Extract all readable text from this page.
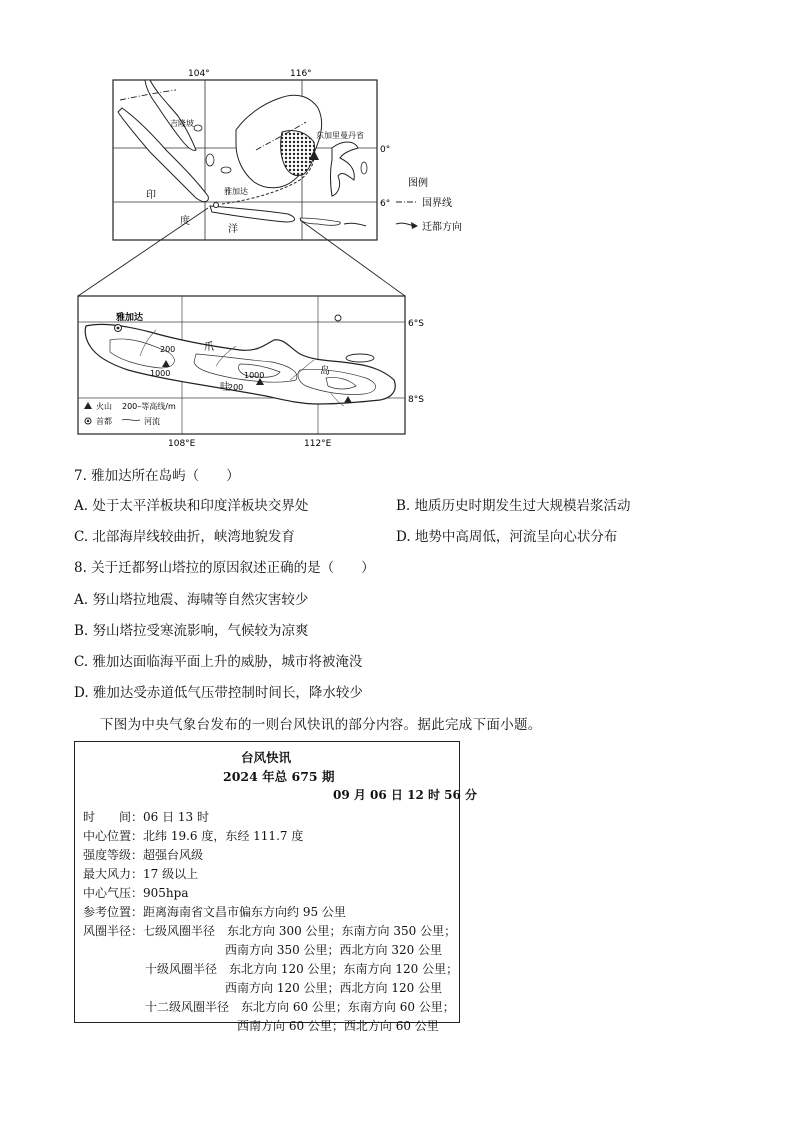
104°	116°
0°
6°
吉隆坡
东加里曼丹省
雅加达
印
度
洋
图例
国界线
迁都方向
雅加达
200
1000
200
1000
爪
哇
岛
6°S
8°S
108°E	112°E
火山 200–等高线/m
首都	河流
7. 雅加达所在岛屿（　　）
A. 处于太平洋板块和印度洋板块交界处	B. 地质历史时期发生过大规模岩浆活动
C. 北部海岸线较曲折，峡湾地貌发育	D. 地势中高周低，河流呈向心状分布
8. 关于迁都努山塔拉的原因叙述正确的是（　　）
A. 努山塔拉地震、海啸等自然灾害较少
B. 努山塔拉受寒流影响，气候较为凉爽
C. 雅加达面临海平面上升的威胁，城市将被淹没
D. 雅加达受赤道低气压带控制时间长，降水较少
下图为中央气象台发布的一则台风快讯的部分内容。据此完成下面小题。
台风快讯
2024 年总 675 期
09 月 06 日 12 时 56 分
时　　间：06 日 13 时
中心位置：北纬 19.6 度，东经 111.7 度
强度等级：超强台风级
最大风力：17 级以上
中心气压：905hpa
参考位置：距离海南省文昌市偏东方向约 95 公里
风圈半径：七级风圈半径　东北方向 300 公里；东南方向 350 公里；
西南方向 350 公里；西北方向 320 公里
十级风圈半径　东北方向 120 公里；东南方向 120 公里；
西南方向 120 公里；西北方向 120 公里
十二级风圈半径　东北方向 60 公里；东南方向 60 公里；
西南方向 60 公里；西北方向 60 公里
